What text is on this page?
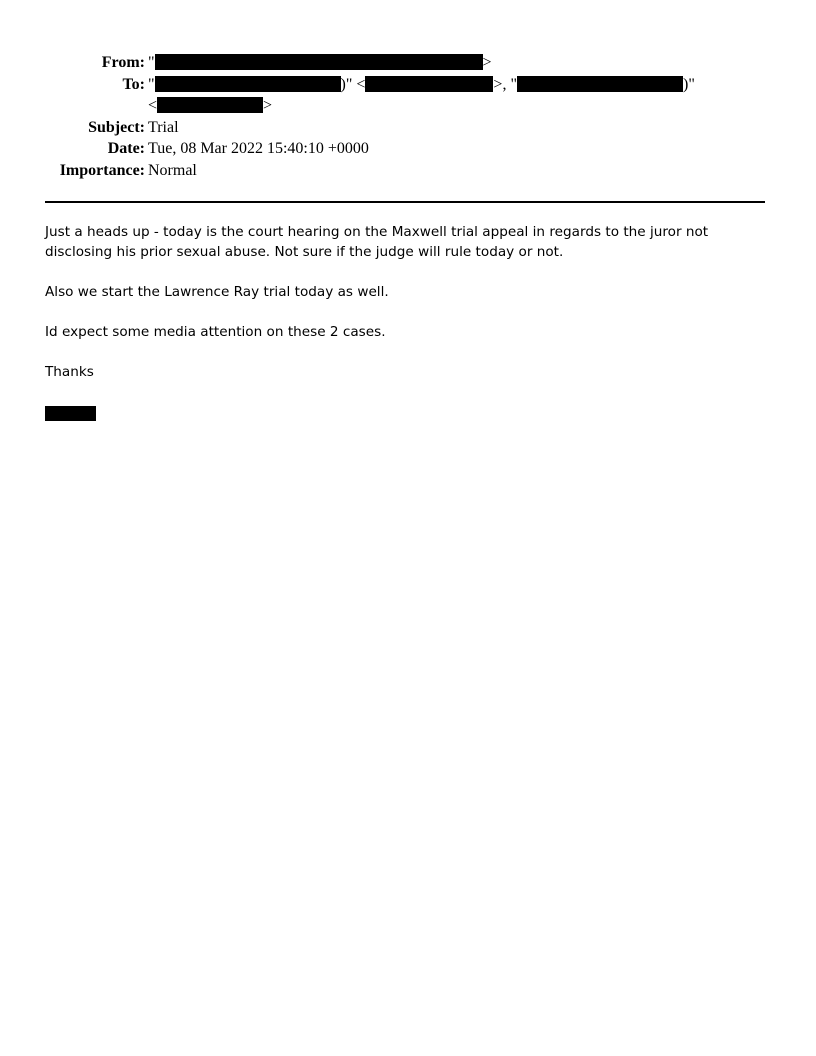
From: "	>
To: "	)" <	>, "	)"
<	>
Subject: Trial
Date: Tue, 08 Mar 2022 15:40:10 +0000
Importance: Normal

Just a heads up - today is the court hearing on the Maxwell trial appeal in regards to the juror not disclosing his prior sexual abuse. Not sure if the judge will rule today or not.

Also we start the Lawrence Ray trial today as well.

Id expect some media attention on these 2 cases.

Thanks
